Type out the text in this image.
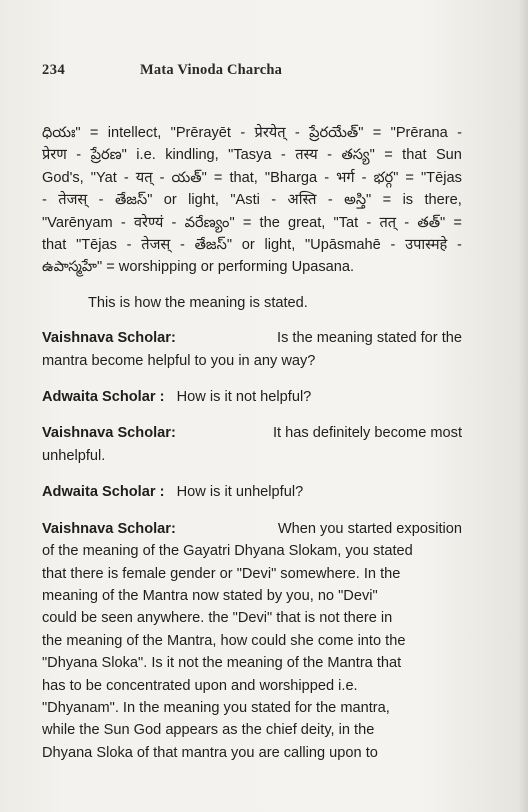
234	Mata Vinoda Charcha
ధియః" = intellect, "Prērayēt - प्रेरयेत् - ప్రేరయేత్" = "Prērana -
प्रेरण - ప్రేరణ" i.e. kindling, "Tasya - तस्य - తస్య" = that Sun
God's, "Yat - यत् - యత్" = that, "Bharga - भर्ग - భర్గ" = "Tējas
- तेजस् - తేజస్" or light, "Asti - अस्ति - అస్తి" = is there,
"Varēnyam - वरेण्यं - వరేణ్యం" = the great, "Tat - तत् - తత్" =
that "Tējas - तेजस् - తేజస్" or light, "Upāsmahē - उपास्महे -
ఉపాస్మహే" = worshipping or performing Upasana.
This is how the meaning is stated.
Vaishnava Scholar:	Is the meaning stated for the
mantra become helpful to you in any way?
Adwaita Scholar : How is it not helpful?
Vaishnava Scholar:	It has definitely become most
unhelpful.
Adwaita Scholar : How is it unhelpful?
Vaishnava Scholar:	When you started exposition
of the meaning of the Gayatri Dhyana Slokam, you stated
that there is female gender or "Devi" somewhere. In the
meaning of the Mantra now stated by you, no "Devi"
could be seen anywhere. the "Devi" that is not there in
the meaning of the Mantra, how could she come into the
"Dhyana Sloka". Is it not the meaning of the Mantra that
has to be concentrated upon and worshipped i.e.
"Dhyanam". In the meaning you stated for the mantra,
while the Sun God appears as the chief deity, in the
Dhyana Sloka of that mantra you are calling upon to
